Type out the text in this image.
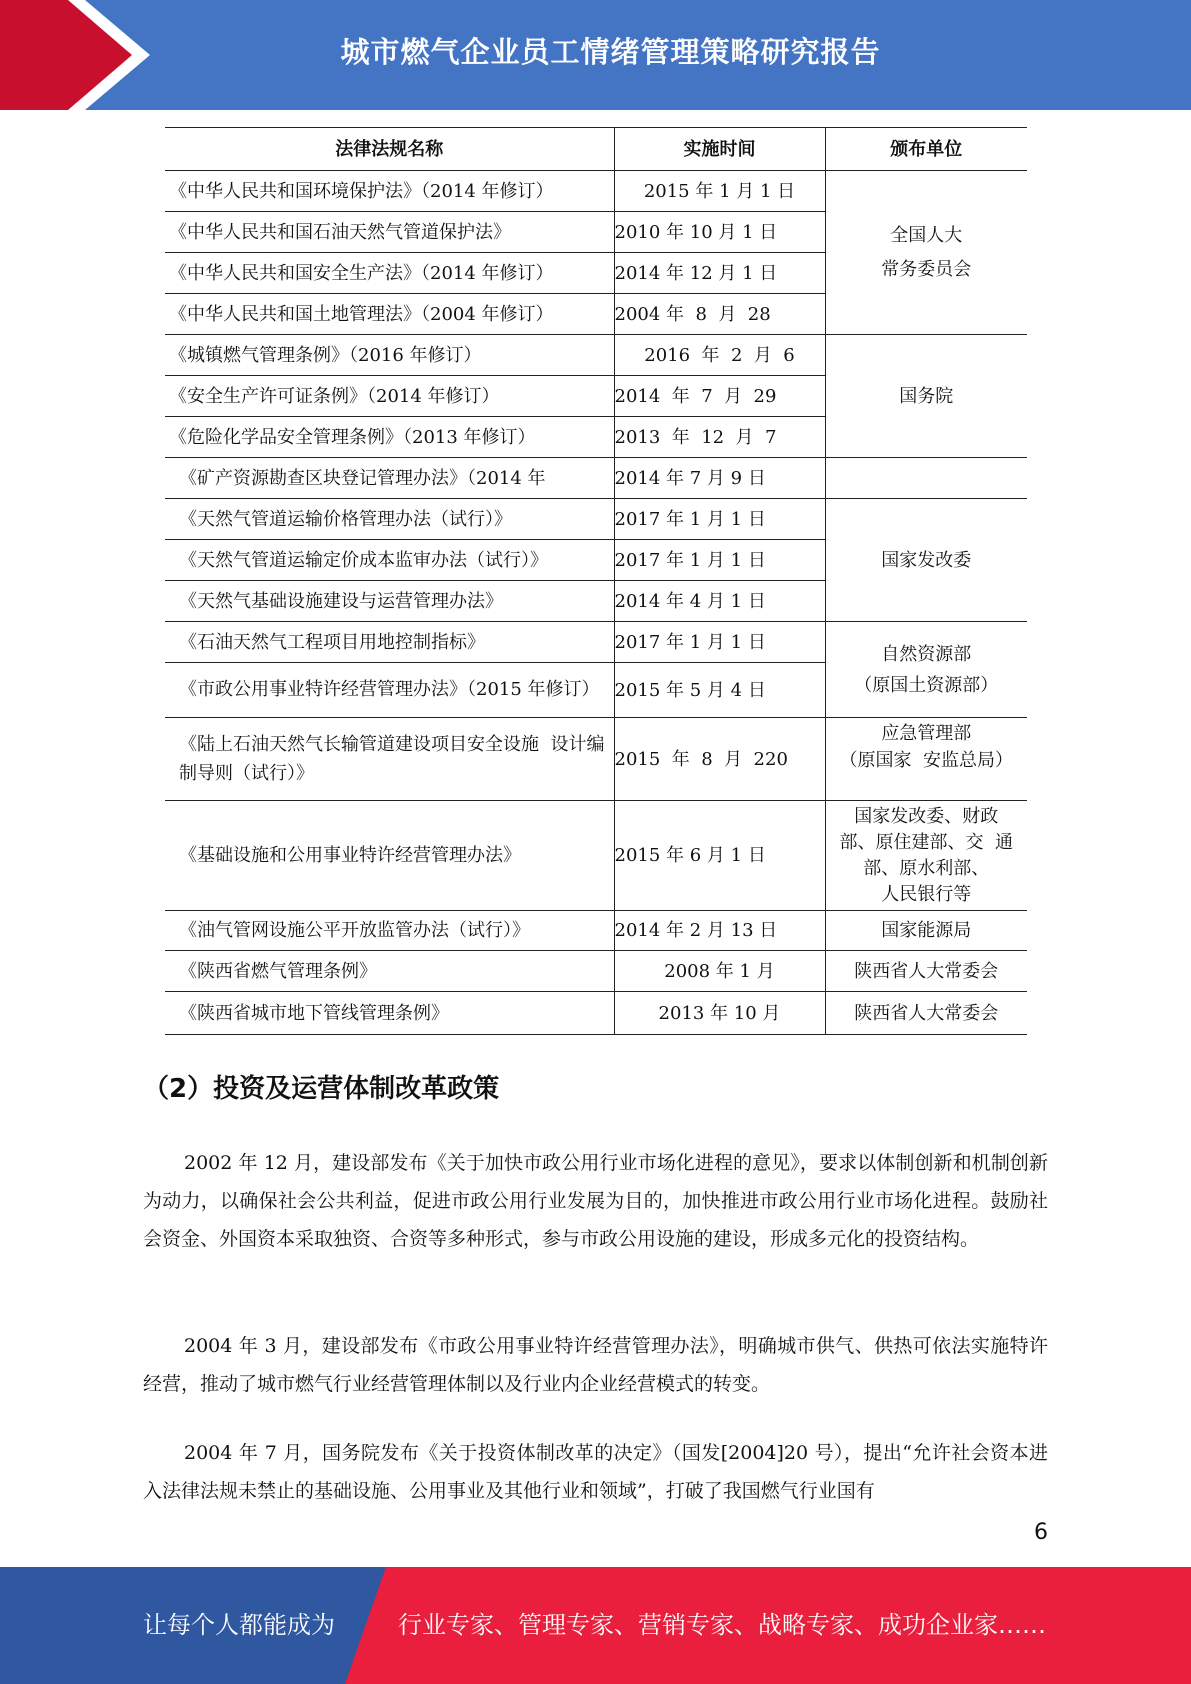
城市燃气企业员工情绪管理策略研究报告
法律法规名称	实施时间	颁布单位
《中华人民共和国环境保护法》（2014 年修订）	2015 年 1 月 1 日	全国人大
常务委员会
《中华人民共和国石油天然气管道保护法》	2010 年 10 月 1 日	
《中华人民共和国安全生产法》（2014 年修订）	2014 年 12 月 1 日	
《中华人民共和国土地管理法》（2004 年修订）	2004 年  8  月  28	
《城镇燃气管理条例》（2016 年修订）	2016  年  2  月  6	国务院
《安全生产许可证条例》（2014 年修订）	2014  年  7  月  29	
《危险化学品安全管理条例》（2013 年修订）	2013  年  12  月  7	
《矿产资源勘查区块登记管理办法》（2014 年	2014 年 7 月 9 日	
《天然气管道运输价格管理办法（试行）》	2017 年 1 月 1 日	国家发改委
《天然气管道运输定价成本监审办法（试行）》	2017 年 1 月 1 日	
《天然气基础设施建设与运营管理办法》	2014 年 4 月 1 日	
《石油天然气工程项目用地控制指标》	2017 年 1 月 1 日	自然资源部
（原国土资源部）
《市政公用事业特许经营管理办法》（2015 年修订）	2015 年 5 月 4 日	
《陆上石油天然气长输管道建设项目安全设施  设计编制导则（试行）》	2015  年  8  月  220	应急管理部
（原国家  安监总局）
《基础设施和公用事业特许经营管理办法》	2015 年 6 月 1 日	国家发改委、财政
部、原住建部、交  通
部、原水利部、
人民银行等
《油气管网设施公平开放监管办法（试行）》	2014 年 2 月 13 日	国家能源局
《陕西省燃气管理条例》	2008 年 1 月	陕西省人大常委会
《陕西省城市地下管线管理条例》	2013 年 10 月	陕西省人大常委会
（2）投资及运营体制改革政策

2002 年 12 月，建设部发布《关于加快市政公用行业市场化进程的意见》，要求以体制创新和机制创新为动力，以确保社会公共利益，促进市政公用行业发展为目的，加快推进市政公用行业市场化进程。鼓励社会资金、外国资本采取独资、合资等多种形式，参与市政公用设施的建设，形成多元化的投资结构。

2004 年 3 月，建设部发布《市政公用事业特许经营管理办法》，明确城市供气、供热可依法实施特许经营，推动了城市燃气行业经营管理体制以及行业内企业经营模式的转变。

2004 年 7 月，国务院发布《关于投资体制改革的决定》（国发[2004]20 号），提出“允许社会资本进入法律法规未禁止的基础设施、公用事业及其他行业和领域”，打破了我国燃气行业国有

6
让每个人都能成为	行业专家、管理专家、营销专家、战略专家、成功企业家……
